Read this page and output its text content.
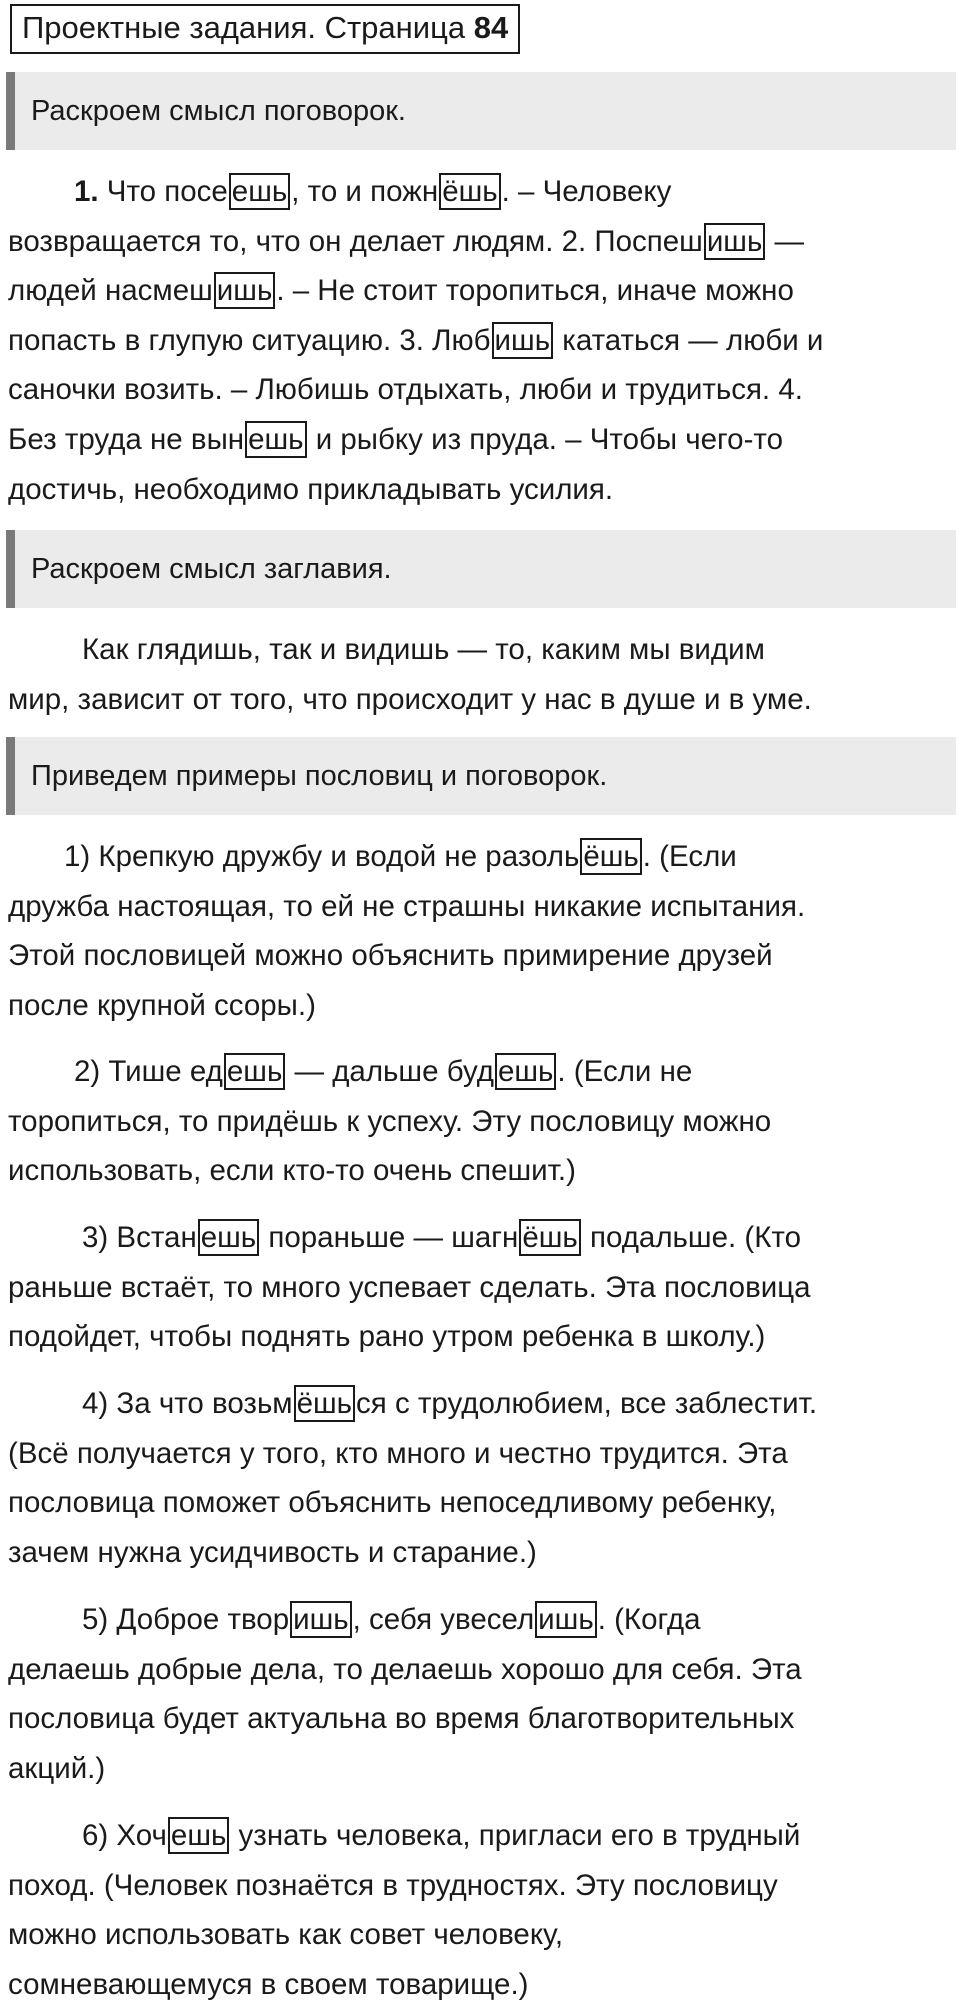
Проектные задания. Страница 84
Раскроем смысл поговорок.
1. Что посе ешь , то и пожн ёшь . – Человеку
возвращается то, что он делает людям. 2. Поспеш ишь —
людей насмеш ишь . – Не стоит торопиться, иначе можно
попасть в глупую ситуацию. 3. Люб ишь кататься — люби и
саночки возить. – Любишь отдыхать, люби и трудиться. 4.
Без труда не вын ешь и рыбку из пруда. – Чтобы чего-то
достичь, необходимо прикладывать усилия.
Раскроем смысл заглавия.
Как глядишь, так и видишь — то, каким мы видим
мир, зависит от того, что происходит у нас в душе и в уме.
Приведем примеры пословиц и поговорок.
1) Крепкую дружбу и водой не разоль ёшь . (Если
дружба настоящая, то ей не страшны никакие испытания.
Этой пословицей можно объяснить примирение друзей
после крупной ссоры.)
2) Тише ед ешь — дальше буд ешь . (Если не
торопиться, то придёшь к успеху. Эту пословицу можно
использовать, если кто-то очень спешит.)
3) Встан ешь пораньше — шагн ёшь подальше. (Кто
раньше встаёт, то много успевает сделать. Эта пословица
подойдет, чтобы поднять рано утром ребенка в школу.)
4) За что возьм ёшь ся с трудолюбием, все заблестит.
(Всё получается у того, кто много и честно трудится. Эта
пословица поможет объяснить непоседливому ребенку,
зачем нужна усидчивость и старание.)
5) Доброе твор ишь , себя увесел ишь . (Когда
делаешь добрые дела, то делаешь хорошо для себя. Эта
пословица будет актуальна во время благотворительных
акций.)
6) Хоч ешь узнать человека, пригласи его в трудный
поход. (Человек познаётся в трудностях. Эту пословицу
можно использовать как совет человеку,
сомневающемуся в своем товарище.)
